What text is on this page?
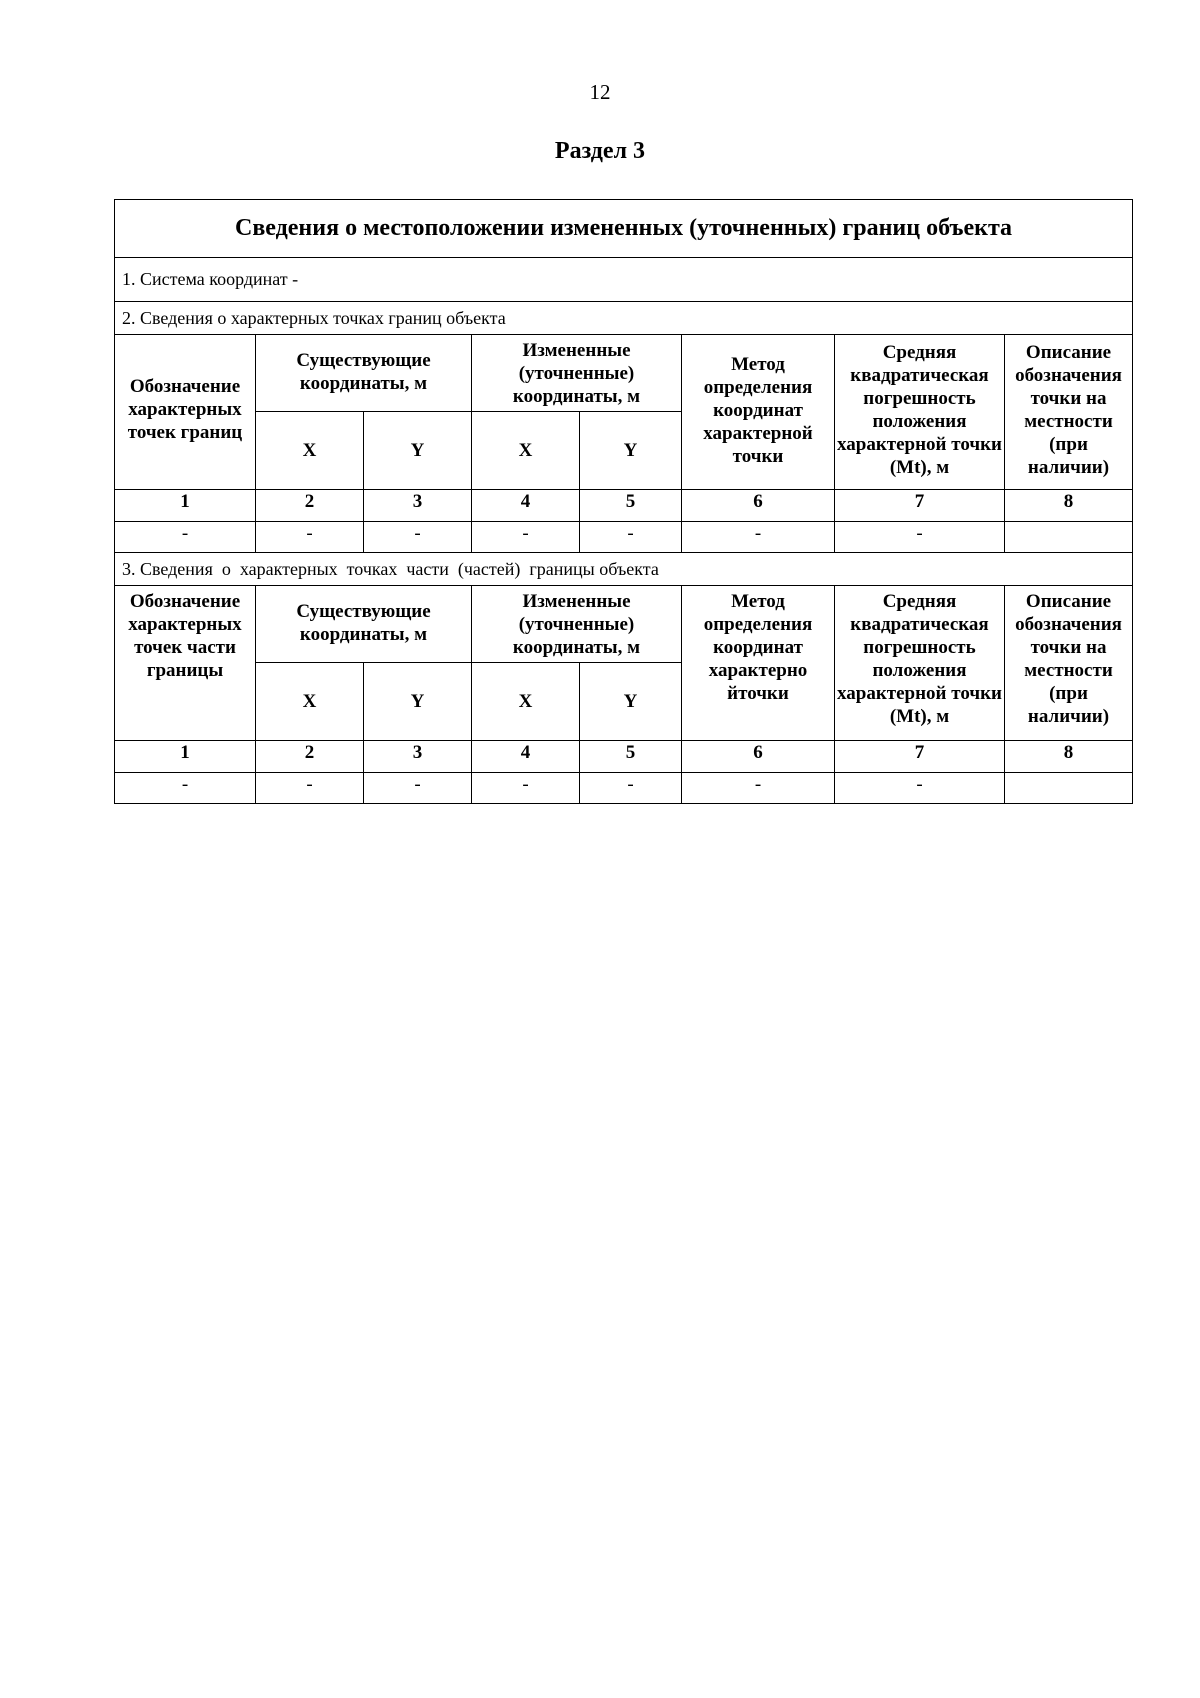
12
Раздел 3
Сведения о местоположении измененных (уточненных) границ объекта							
1. Система координат -							
2. Сведения о характерных точках границ объекта							
Обозначение характерных точек границ	Существующие координаты, м		Измененные (уточненные) координаты, м		Метод определения координат характерной точки	Средняя квадратическая погрешность положения характерной точки (Mt), м	Описание обозначения точки на местности (при наличии)
	X	Y	X	Y			
1	2	3	4	5	6	7	8
-	-	-	-	-	-	-	
3. Сведения  о  характерных  точках  части  (частей)  границы объекта							
Обозначение характерных точек части границы	Существующие координаты, м		Измененные (уточненные) координаты, м		Метод определения координат характерно йточки	Средняя квадратическая погрешность положения характерной точки (Mt), м	Описание обозначения точки на местности (при наличии)
	X	Y	X	Y			
1	2	3	4	5	6	7	8
-	-	-	-	-	-	-	
